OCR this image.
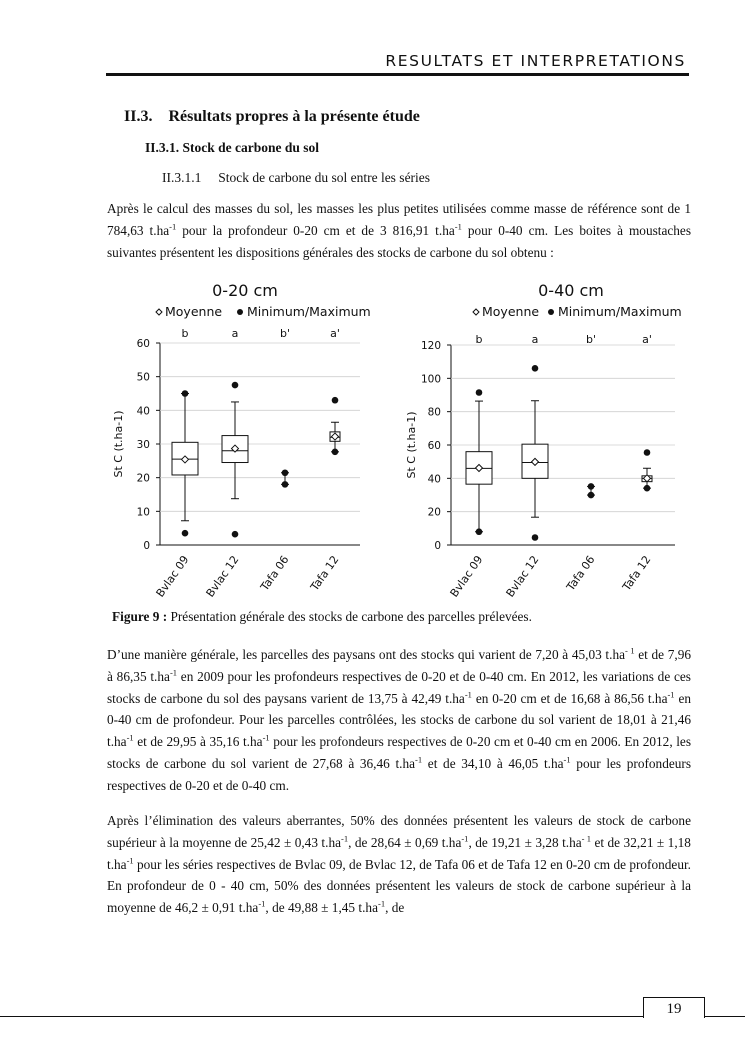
RESULTATS ET INTERPRETATIONS
II.3. Résultats propres à la présente étude
II.3.1. Stock de carbone du sol
II.3.1.1  Stock de carbone du sol entre les séries
Après le calcul des masses du sol, les masses les plus petites utilisées comme masse de référence sont de 1 784,63 $t.ha^{-1}$ pour la profondeur 0-20 cm et de 3 816,91 $t.ha^{-1}$ pour 0-40 cm. Les boites à moustaches suivantes présentent les dispositions générales des stocks de carbone du sol obtenu :
0-20 cm
Moyenne Minimum/Maximum
0
10
20
30
40
50
60
St C (t.ha-1)
b
Bvlac 09
a
Bvlac 12
b'
Tafa 06
a'
Tafa 12
0-40 cm
Moyenne Minimum/Maximum
0
20
40
60
80
100
120
St C (t.ha-1)
b
Bvlac 09
a
Bvlac 12
b'
Tafa 06
a'
Tafa 12
Figure 9 : Présentation générale des stocks de carbone des parcelles prélevées.
D’une manière générale, les parcelles des paysans ont des stocks qui varient de 7,20 à 45,03 $t.ha^{- 1}$ et de 7,96 à 86,35 $t.ha^{-1}$ en 2009 pour les profondeurs respectives de 0-20 et de 0-40 cm. En 2012, les variations de ces stocks de carbone du sol des paysans varient de 13,75 à 42,49 $t.ha^{-1}$ en 0-20 cm et de 16,68 à 86,56 $t.ha^{-1}$ en 0-40 cm de profondeur. Pour les parcelles contrôlées, les stocks de carbone du sol varient de 18,01 à 21,46 $t.ha^{-1}$ et de 29,95 à 35,16 $t.ha^{-1}$ pour les profondeurs respectives de 0-20 cm et 0-40 cm en 2006. En 2012, les stocks de carbone du sol varient de 27,68 à 36,46 $t.ha^{-1}$ et de 34,10 à 46,05 $t.ha^{-1}$ pour les profondeurs respectives de 0-20 et de 0-40 cm.
Après l’élimination des valeurs aberrantes, 50% des données présentent les valeurs de stock de carbone supérieur à la moyenne de 25,42 ± 0,43 $t.ha^{-1}$, de 28,64 ± 0,69 $t.ha^{-1}$, de 19,21 ± 3,28 $t.ha^{- 1}$ et de 32,21 ± 1,18 $t.ha^{-1}$ pour les séries respectives de Bvlac 09, de Bvlac 12, de Tafa 06 et de Tafa 12 en 0-20 cm de profondeur. En profondeur de 0 - 40 cm, 50% des données présentent les valeurs de stock de carbone supérieur à la moyenne de 46,2 ± 0,91 $t.ha^{-1}$, de 49,88 ± 1,45 $t.ha^{-1}$, de
19
